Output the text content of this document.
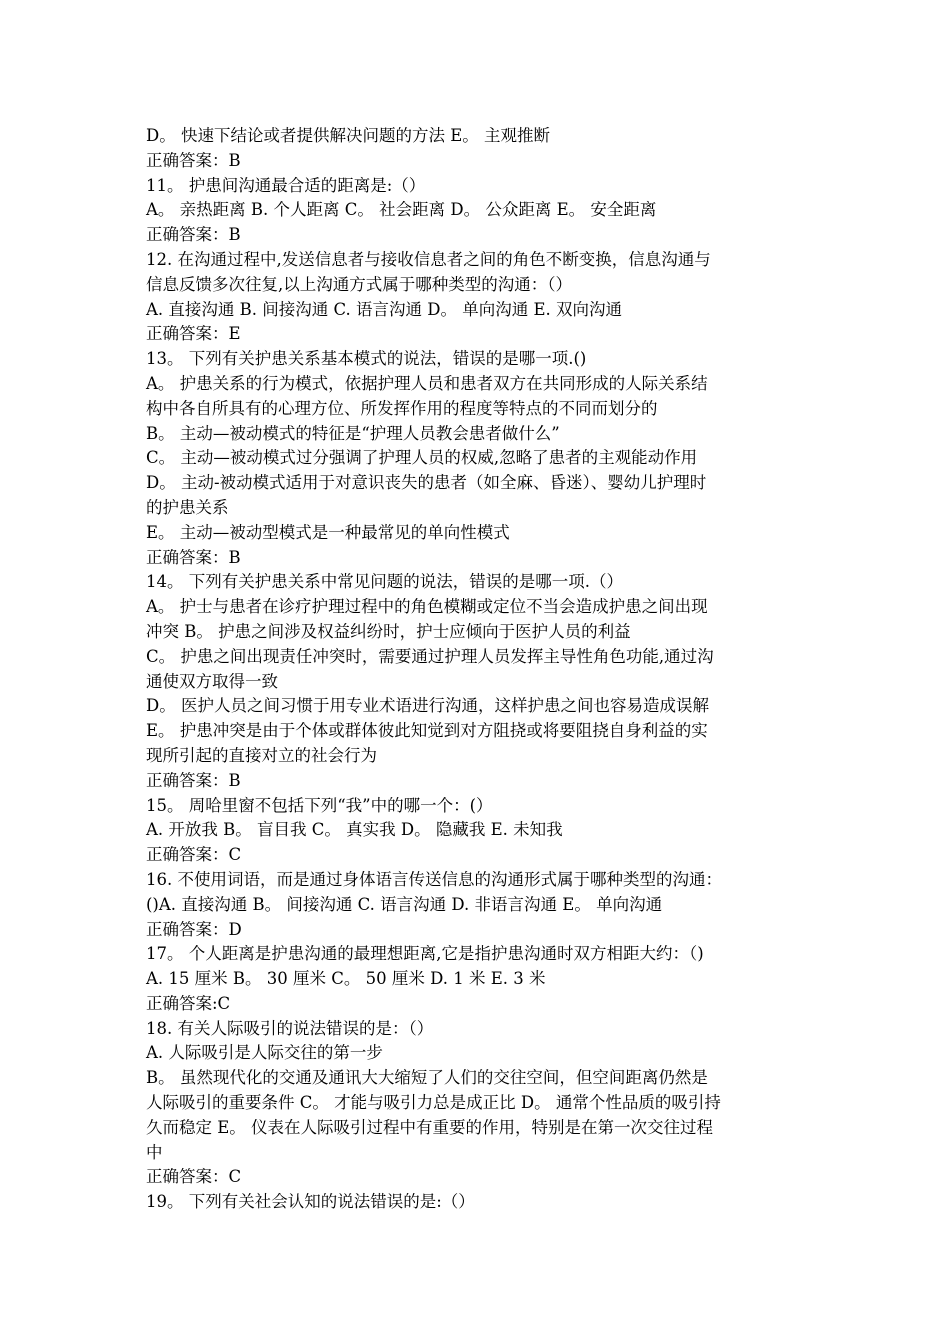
D。 快速下结论或者提供解决问题的方法 E。 主观推断
正确答案：B
11。 护患间沟通最合适的距离是:（）
A。 亲热距离 B. 个人距离 C。 社会距离 D。 公众距离 E。 安全距离
正确答案：B
12. 在沟通过程中,发送信息者与接收信息者之间的角色不断变换，信息沟通与
信息反馈多次往复,以上沟通方式属于哪种类型的沟通：（）
A. 直接沟通 B. 间接沟通 C. 语言沟通 D。 单向沟通 E. 双向沟通
正确答案：E
13。 下列有关护患关系基本模式的说法，错误的是哪一项.()
A。 护患关系的行为模式，依据护理人员和患者双方在共同形成的人际关系结
构中各自所具有的心理方位、所发挥作用的程度等特点的不同而划分的
B。 主动—被动模式的特征是“护理人员教会患者做什么”
C。 主动—被动模式过分强调了护理人员的权威,忽略了患者的主观能动作用
D。 主动-被动模式适用于对意识丧失的患者（如全麻、昏迷）、婴幼儿护理时
的护患关系
E。 主动—被动型模式是一种最常见的单向性模式
正确答案：B
14。 下列有关护患关系中常见问题的说法，错误的是哪一项.（）
A。 护士与患者在诊疗护理过程中的角色模糊或定位不当会造成护患之间出现
冲突 B。 护患之间涉及权益纠纷时，护士应倾向于医护人员的利益
C。 护患之间出现责任冲突时，需要通过护理人员发挥主导性角色功能,通过沟
通使双方取得一致
D。 医护人员之间习惯于用专业术语进行沟通，这样护患之间也容易造成误解
E。 护患冲突是由于个体或群体彼此知觉到对方阻挠或将要阻挠自身利益的实
现所引起的直接对立的社会行为
正确答案：B
15。 周哈里窗不包括下列“我”中的哪一个：(）
A. 开放我 B。 盲目我 C。 真实我 D。 隐藏我 E. 未知我
正确答案：C
16. 不使用词语，而是通过身体语言传送信息的沟通形式属于哪种类型的沟通：
()A. 直接沟通 B。 间接沟通 C. 语言沟通 D. 非语言沟通 E。 单向沟通
正确答案：D
17。 个人距离是护患沟通的最理想距离,它是指护患沟通时双方相距大约：（)
A. 15 厘米 B。 30 厘米 C。 50 厘米 D. 1 米 E. 3 米
正确答案:C
18. 有关人际吸引的说法错误的是：（）
A. 人际吸引是人际交往的第一步
B。 虽然现代化的交通及通讯大大缩短了人们的交往空间，但空间距离仍然是
人际吸引的重要条件 C。 才能与吸引力总是成正比 D。 通常个性品质的吸引持
久而稳定 E。 仪表在人际吸引过程中有重要的作用，特别是在第一次交往过程
中
正确答案：C
19。 下列有关社会认知的说法错误的是:（）
